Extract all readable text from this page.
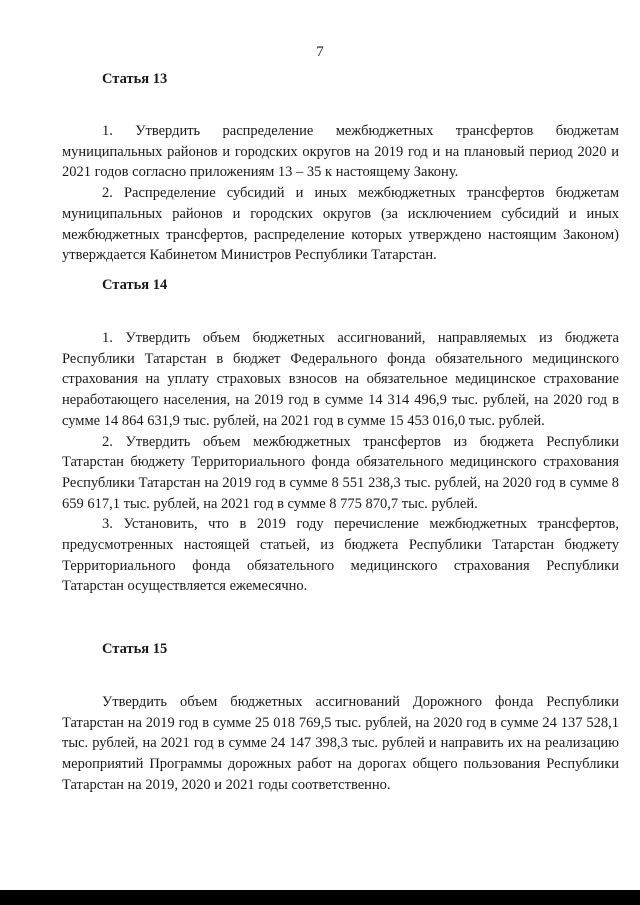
7
Статья 13

1. Утвердить распределение межбюджетных трансфертов бюджетам муниципальных районов и городских округов на 2019 год и на плановый период 2020 и 2021 годов согласно приложениям 13 – 35 к настоящему Закону.

2. Распределение субсидий и иных межбюджетных трансфертов бюджетам муниципальных районов и городских округов (за исключением субсидий и иных межбюджетных трансфертов, распределение которых утверждено настоящим Законом) утверждается Кабинетом Министров Республики Татарстан.

Статья 14

1. Утвердить объем бюджетных ассигнований, направляемых из бюджета Республики Татарстан в бюджет Федерального фонда обязательного медицинского страхования на уплату страховых взносов на обязательное медицинское страхование неработающего населения, на 2019 год в сумме 14 314 496,9 тыс. рублей, на 2020 год в сумме 14 864 631,9 тыс. рублей, на 2021 год в сумме 15 453 016,0 тыс. рублей.

2. Утвердить объем межбюджетных трансфертов из бюджета Республики Татарстан бюджету Территориального фонда обязательного медицинского страхования Республики Татарстан на 2019 год в сумме 8 551 238,3 тыс. рублей, на 2020 год в сумме 8 659 617,1 тыс. рублей, на 2021 год в сумме 8 775 870,7 тыс. рублей.

3. Установить, что в 2019 году перечисление межбюджетных трансфертов, предусмотренных настоящей статьей, из бюджета Республики Татарстан бюджету Территориального фонда обязательного медицинского страхования Республики Татарстан осуществляется ежемесячно.

Статья 15

Утвердить объем бюджетных ассигнований Дорожного фонда Республики Татарстан на 2019 год в сумме 25 018 769,5 тыс. рублей, на 2020 год в сумме 24 137 528,1 тыс. рублей, на 2021 год в сумме 24 147 398,3 тыс. рублей и направить их на реализацию мероприятий Программы дорожных работ на дорогах общего пользования Республики Татарстан на 2019, 2020 и 2021 годы соответственно.
